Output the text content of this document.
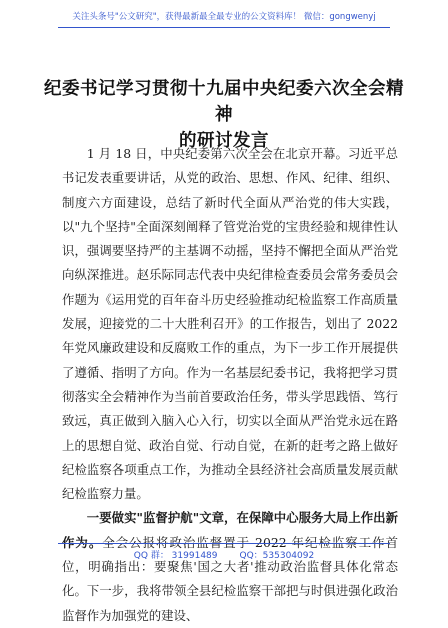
关注头条号"公文研究"，获得最新最全最专业的公文资料库！ 微信：gongwenyj
纪委书记学习贯彻十九届中央纪委六次全会精神
的研讨发言

1 月 18 日，中央纪委第六次全会在北京开幕。习近平总书记发表重要讲话，从党的政治、思想、作风、纪律、组织、制度六方面建设，总结了新时代全面从严治党的伟大实践，以"九个坚持"全面深刻阐释了管党治党的宝贵经验和规律性认识，强调要坚持严的主基调不动摇，坚持不懈把全面从严治党向纵深推进。赵乐际同志代表中央纪律检查委员会常务委员会作题为《运用党的百年奋斗历史经验推动纪检监察工作高质量发展，迎接党的二十大胜利召开》的工作报告，划出了 2022 年党风廉政建设和反腐败工作的重点，为下一步工作开展提供了遵循、指明了方向。作为一名基层纪委书记，我将把学习贯彻落实全会精神作为当前首要政治任务，带头学思践悟、笃行致远，真正做到入脑入心入行，切实以全面从严治党永远在路上的思想自觉、政治自觉、行动自觉，在新的赶考之路上做好纪检监察各项重点工作，为推动全县经济社会高质量发展贡献纪检监察力量。

一要做实"监督护航"文章，在保障中心服务大局上作出新作为。全会公报将政治监督置于 2022 年纪检监察工作首位，明确指出：要聚焦'国之大者'推动政治监督具体化常态化。下一步，我将带领全县纪检监察干部把与时俱进强化政治监督作为加强党的建设、

QQ 群： 31991489 QQ：535304092
